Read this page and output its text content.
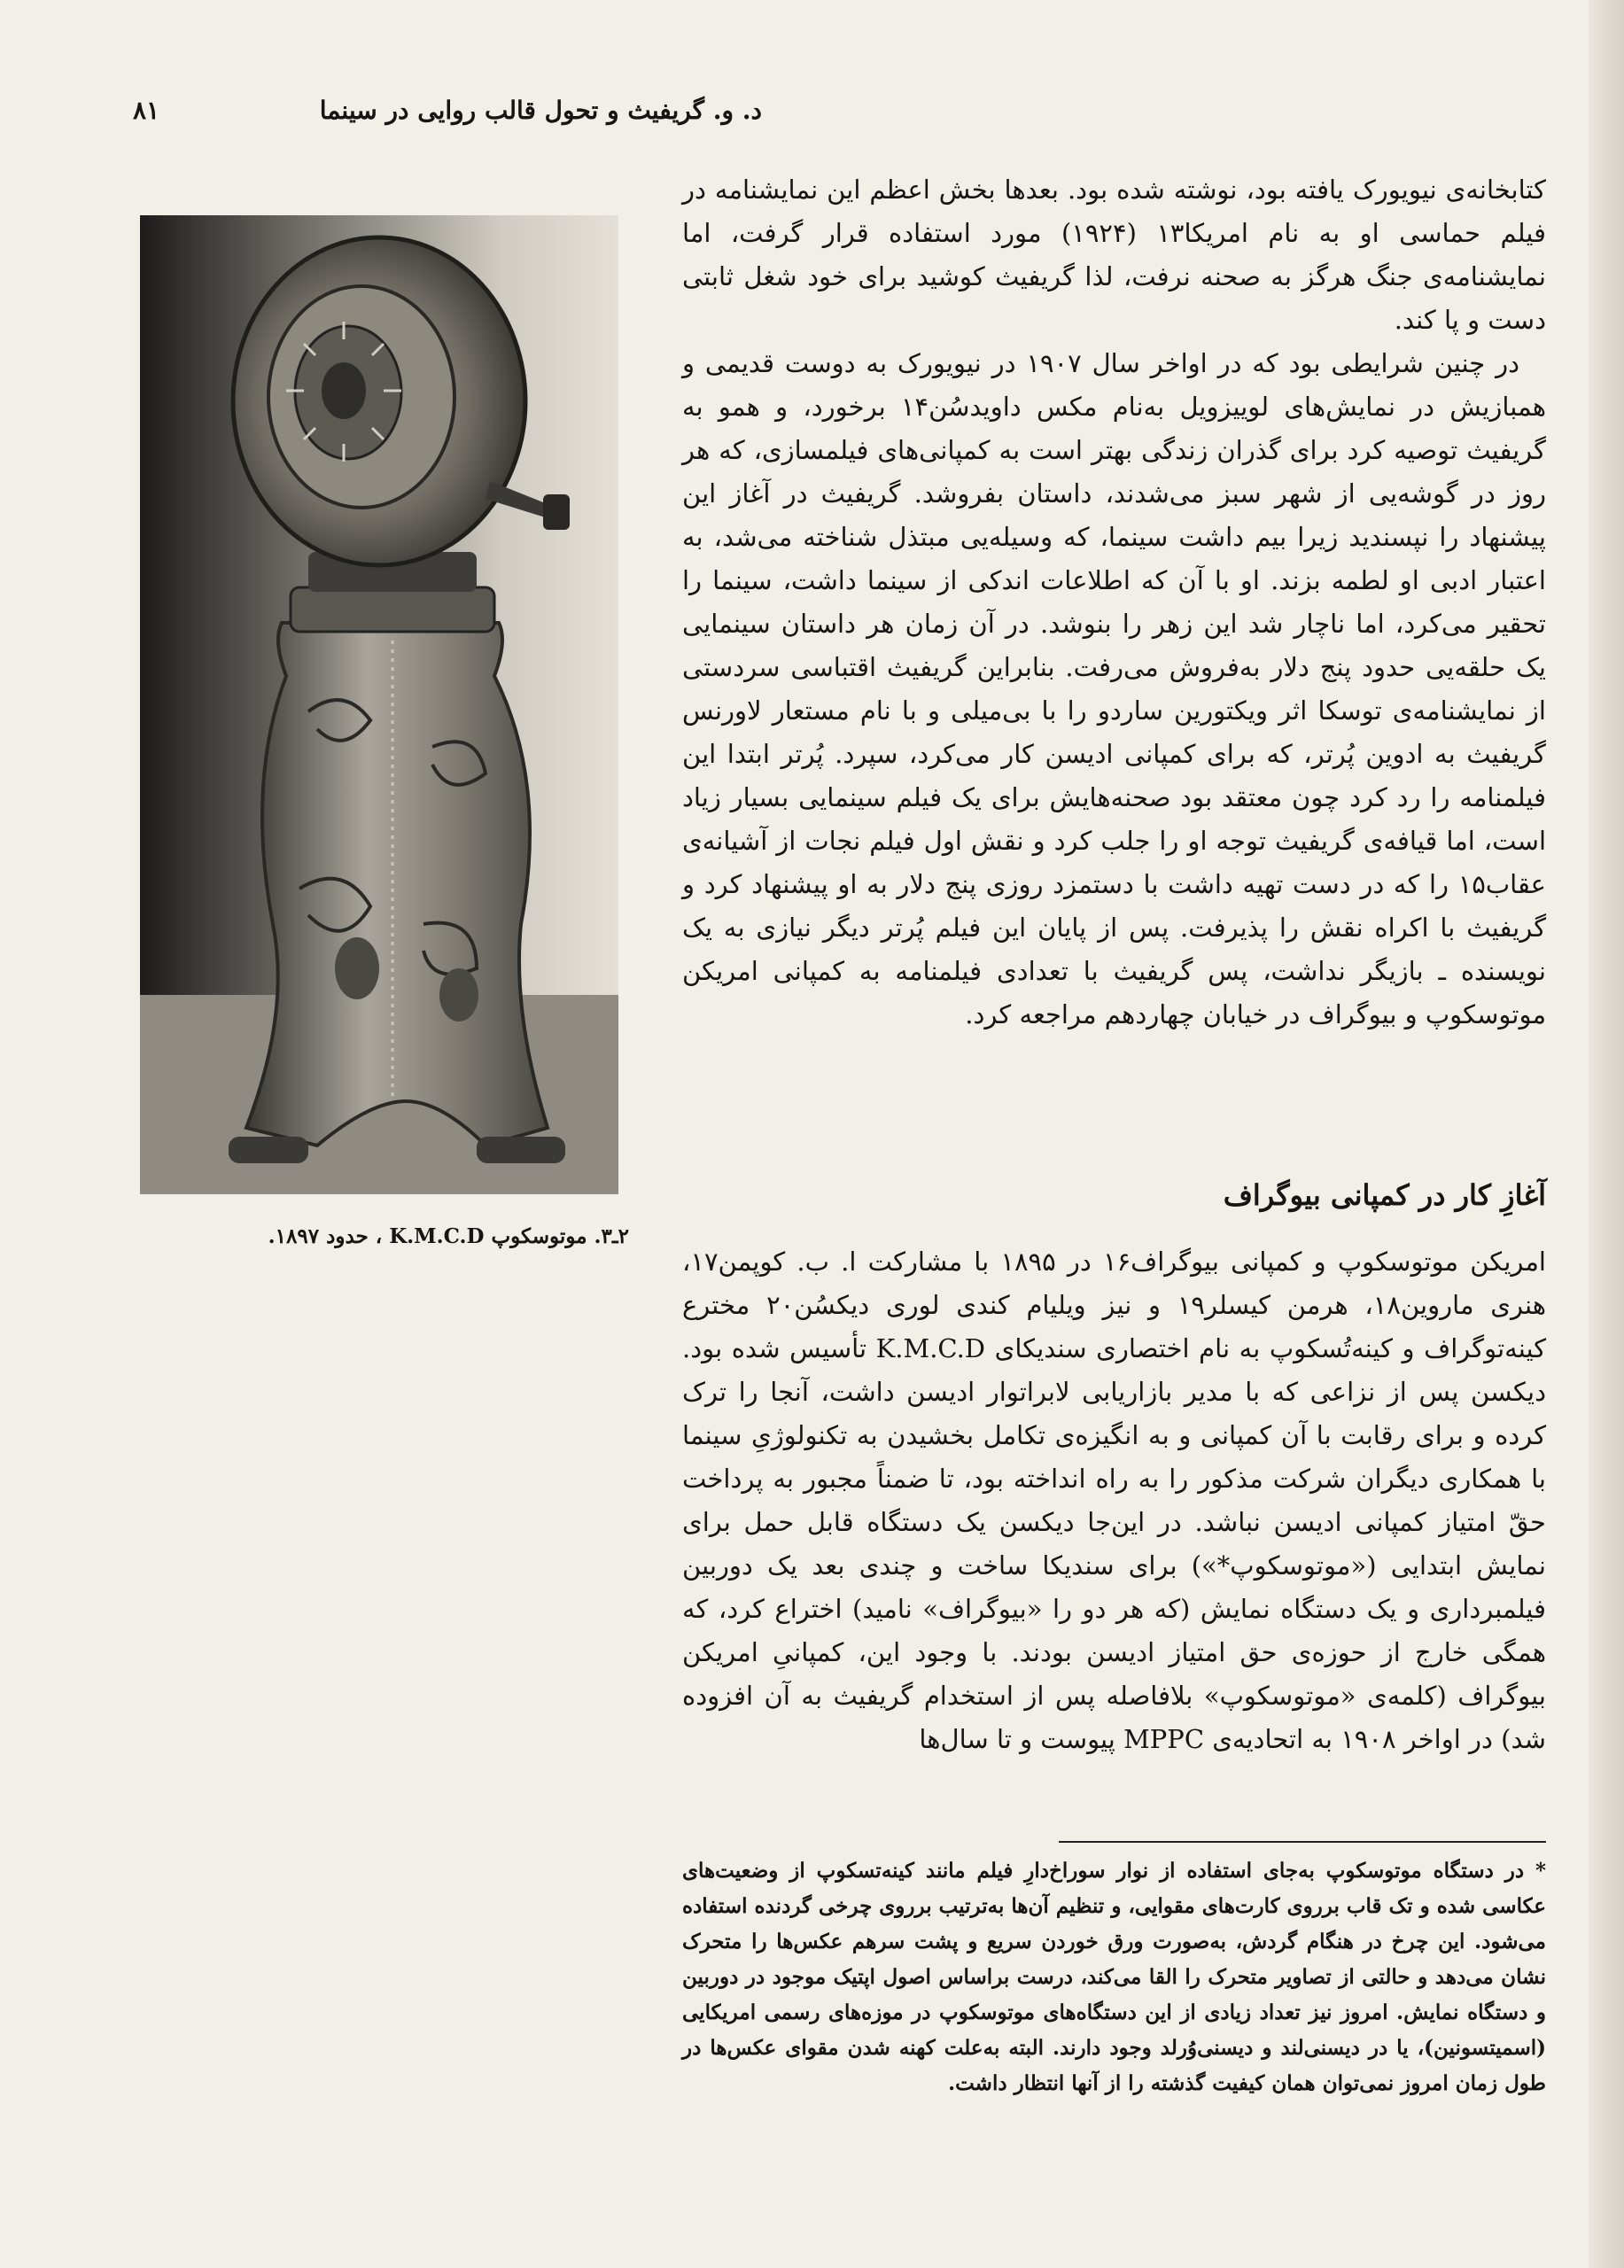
د. و. گریفیث و تحول قالب روایی در سینما
۸۱
۲ـ۳. موتوسکوپ K.M.C.D ، حدود ۱۸۹۷.

کتابخانه‌ی نیویورک یافته بود، نوشته شده بود. بعدها بخش اعظم این نمایشنامه در فیلم حماسی او به نام امریکا۱۳ (۱۹۲۴) مورد استفاده قرار گرفت، اما نمایشنامه‌ی جنگ هرگز به صحنه نرفت، لذا گریفیث کوشید برای خود شغل ثابتی دست و پا کند.

در چنین شرایطی بود که در اواخر سال ۱۹۰۷ در نیویورک به دوست قدیمی و همبازیش در نمایش‌های لوییزویل به‌نام مکس داویدسُن۱۴ برخورد، و همو به گریفیث توصیه کرد برای گذران زندگی بهتر است به کمپانی‌های فیلمسازی، که هر روز در گوشه‌یی از شهر سبز می‌شدند، داستان بفروشد. گریفیث در آغاز این پیشنهاد را نپسندید زیرا بیم داشت سینما، که وسیله‌یی مبتذل شناخته می‌شد، به اعتبار ادبی او لطمه بزند. او با آن که اطلاعات اندکی از سینما داشت، سینما را تحقیر می‌کرد، اما ناچار شد این زهر را بنوشد. در آن زمان هر داستان سینمایی یک حلقه‌یی حدود پنج دلار به‌فروش می‌رفت. بنابراین گریفیث اقتباسی سردستی از نمایشنامه‌ی توسکا اثر ویکتورین ساردو را با بی‌میلی و با نام مستعار لاورنس گریفیث به ادوین پُرتر، که برای کمپانی ادیسن کار می‌کرد، سپرد. پُرتر ابتدا این فیلمنامه را رد کرد چون معتقد بود صحنه‌هایش برای یک فیلم سینمایی بسیار زیاد است، اما قیافه‌ی گریفیث توجه او را جلب کرد و نقش اول فیلم نجات از آشیانه‌ی عقاب۱۵ را که در دست تهیه داشت با دستمزد روزی پنج دلار به او پیشنهاد کرد و گریفیث با اکراه نقش را پذیرفت. پس از پایان این فیلم پُرتر دیگر نیازی به یک نویسنده ـ بازیگر نداشت، پس گریفیث با تعدادی فیلمنامه به کمپانی امریکن موتوسکوپ و بیوگراف در خیابان چهاردهم مراجعه کرد.

آغازِ کار در کمپانی بیوگراف

امریکن موتوسکوپ و کمپانی بیوگراف۱۶ در ۱۸۹۵ با مشارکت ا. ب. کوپمن۱۷، هنری ماروین۱۸، هرمن کیسلر۱۹ و نیز ویلیام کندی لوری دیکسُن۲۰ مخترع کینه‌توگراف و کینه‌تُسکوپ به نام اختصاری سندیکای K.M.C.D تأسیس شده بود. دیکسن پس از نزاعی که با مدیر بازاریابی لابراتوار ادیسن داشت، آنجا را ترک کرده و برای رقابت با آن کمپانی و به انگیزه‌ی تکامل بخشیدن به تکنولوژیِ سینما با همکاری دیگران شرکت مذکور را به راه انداخته بود، تا ضمناً مجبور به پرداخت حقّ امتیاز کمپانی ادیسن نباشد. در این‌جا دیکسن یک دستگاه قابل حمل برای نمایش ابتدایی («موتوسکوپ*») برای سندیکا ساخت و چندی بعد یک دوربین فیلمبرداری و یک دستگاه نمایش (که هر دو را «بیوگراف» نامید) اختراع کرد، که همگی خارج از حوزه‌ی حق امتیاز ادیسن بودند. با وجود این، کمپانیِ امریکن بیوگراف (کلمه‌ی «موتوسکوپ» بلافاصله پس از استخدام گریفیث به آن افزوده شد) در اواخر ۱۹۰۸ به اتحادیه‌ی MPPC پیوست و تا سال‌ها

* در دستگاه موتوسکوپ به‌جای استفاده از نوار سوراخ‌دارِ فیلم مانند کینه‌تسکوپ از وضعیت‌های عکاسی شده و تک قاب برروی کارت‌های مقوایی، و تنظیم آن‌ها به‌ترتیب برروی چرخی گردنده استفاده می‌شود. این چرخ در هنگام گردش، به‌صورت ورق خوردن سریع و پشت سرهم عکس‌ها را متحرک نشان می‌دهد و حالتی از تصاویر متحرک را القا می‌کند، درست براساس اصول اپتیک موجود در دوربین و دستگاه نمایش. امروز نیز تعداد زیادی از این دستگاه‌های موتوسکوپ در موزه‌های رسمی امریکایی (اسمیتسونین)، یا در دیسنی‌لند و دیسنی‌وُرلد وجود دارند. البته به‌علت کهنه شدن مقوای عکس‌ها در طول زمان امروز نمی‌توان همان کیفیت گذشته را از آنها انتظار داشت.
